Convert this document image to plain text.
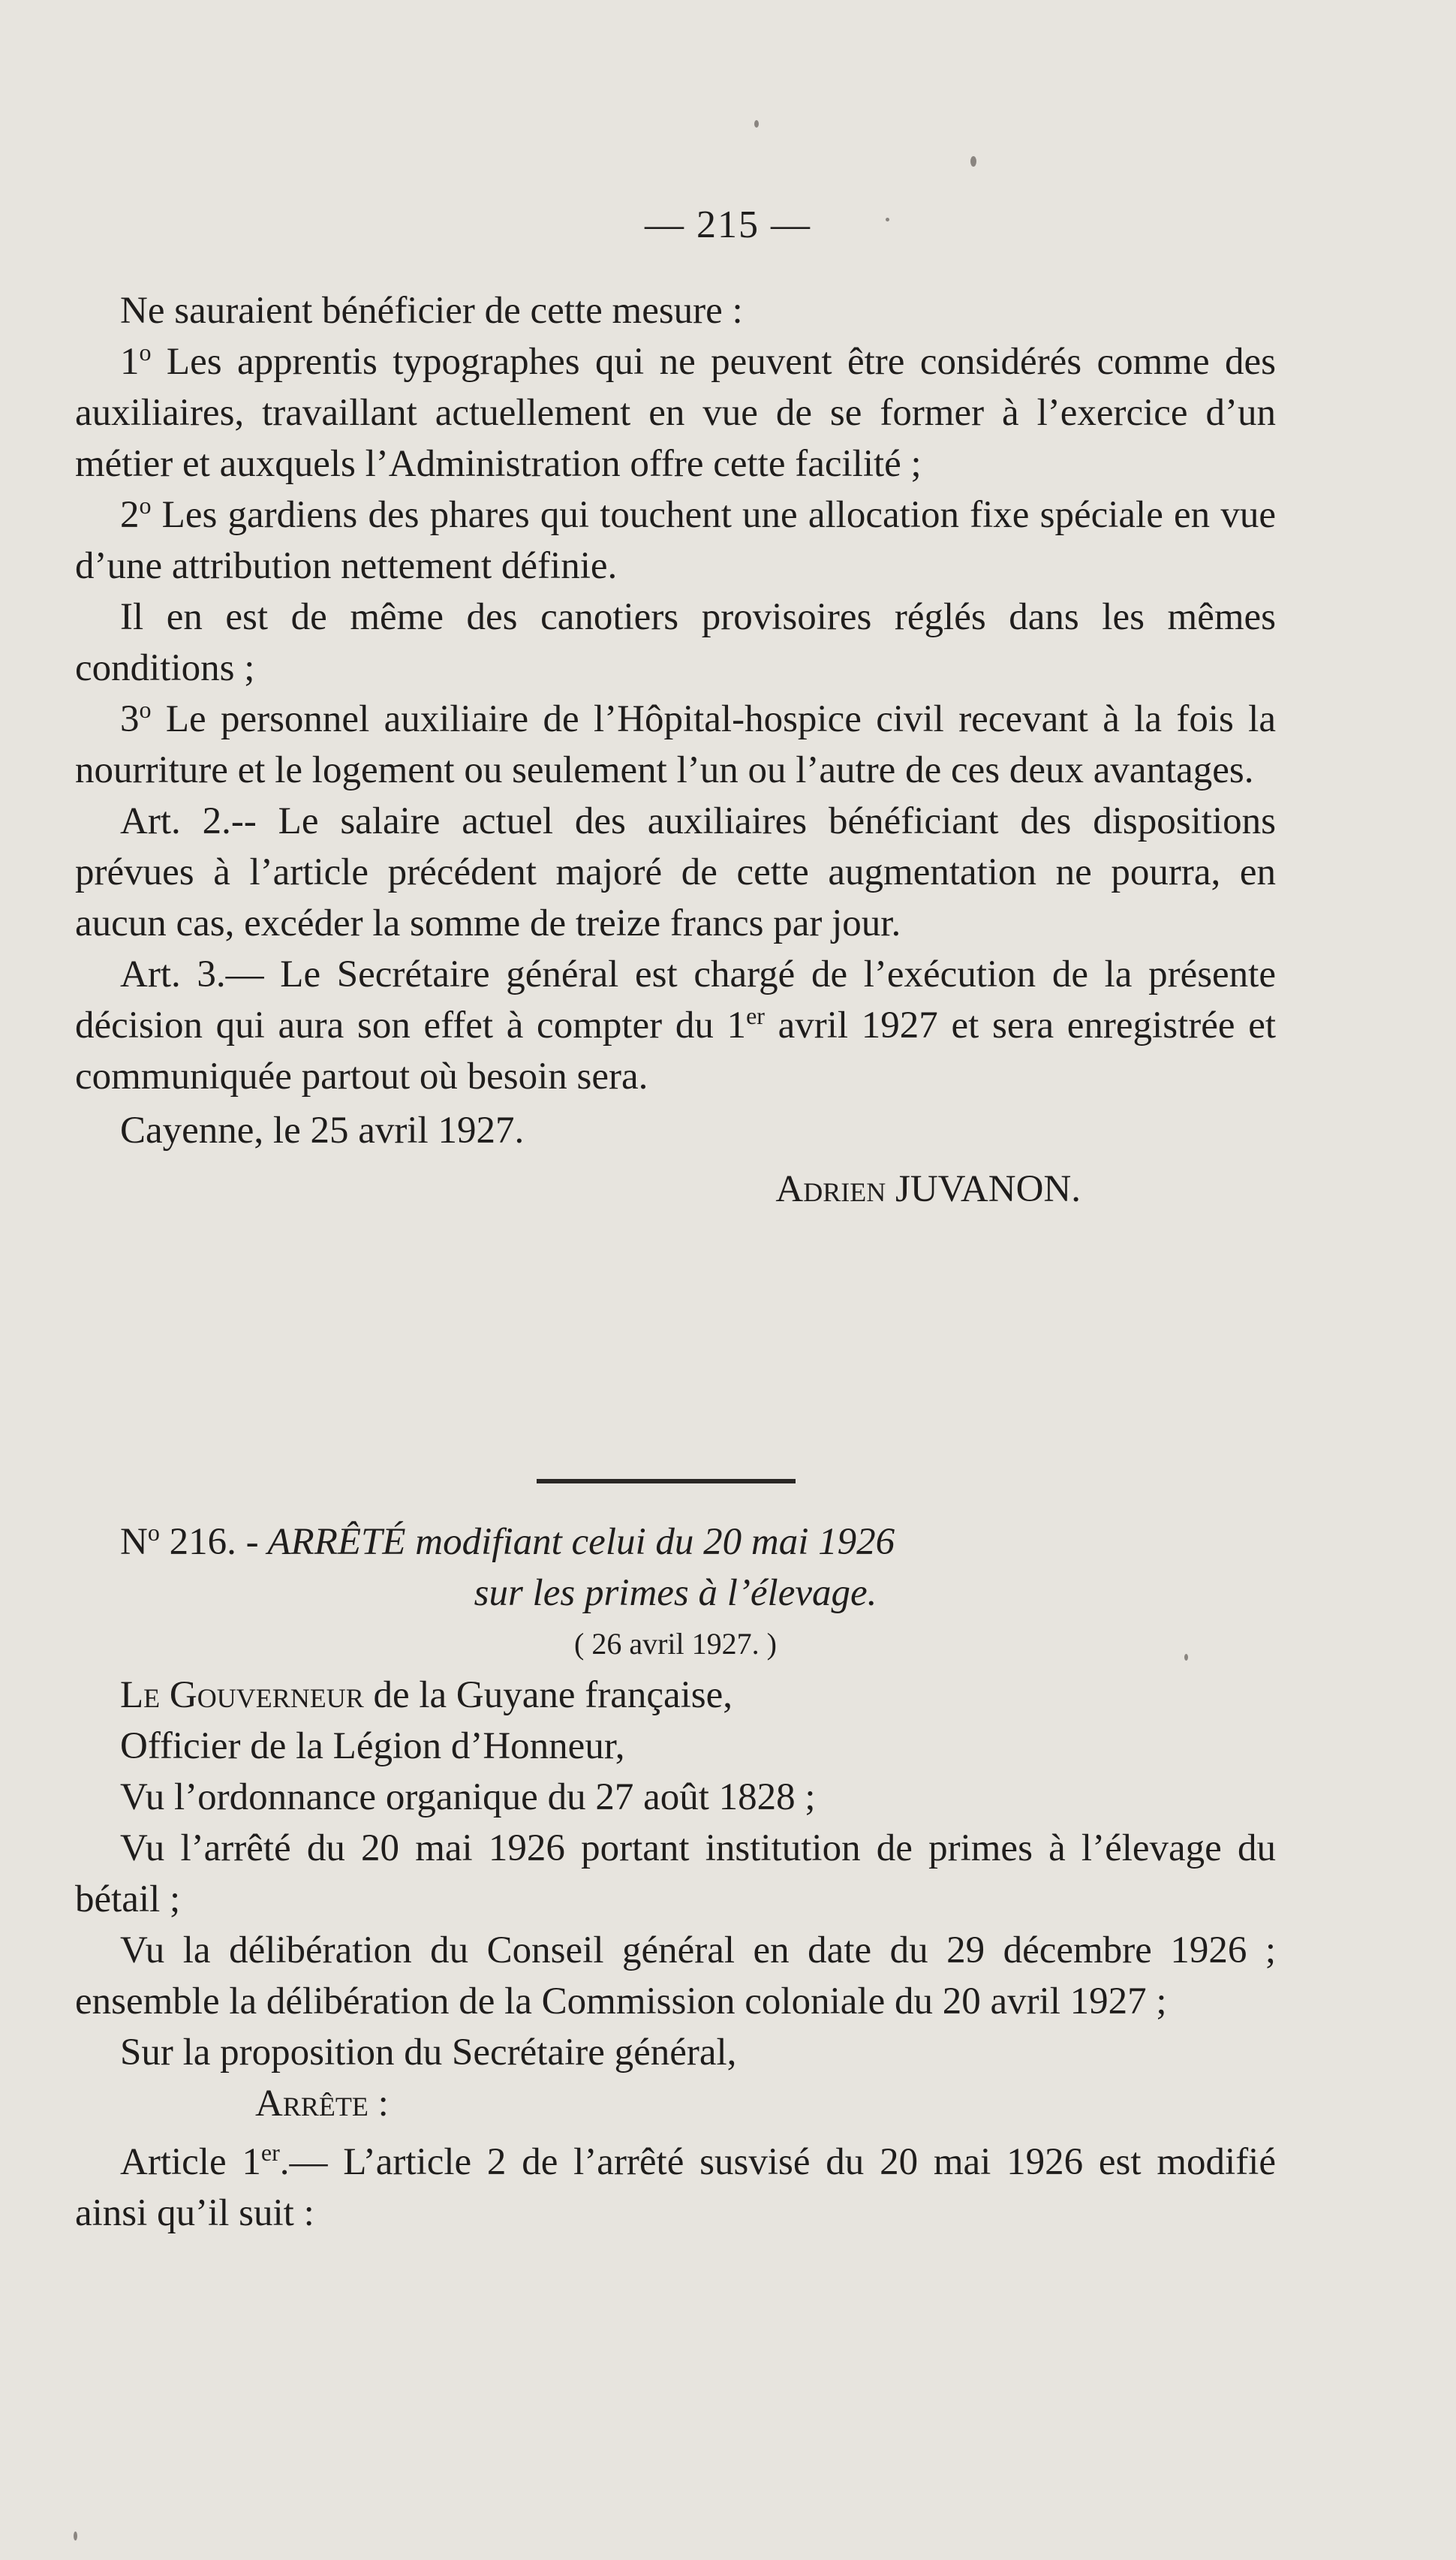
— 215 —
Ne sauraient bénéficier de cette mesure :
1$^o$ Les apprentis typographes qui ne peuvent être considérés comme des auxiliaires, travaillant actuellement en vue de se former à l’exercice d’un métier et auxquels l’Administration offre cette facilité ;
2$^o$ Les gardiens des phares qui touchent une allocation fixe spéciale en vue d’une attribution nettement définie.
Il en est de même des canotiers provisoires réglés dans les mêmes conditions ;
3$^o$ Le personnel auxiliaire de l’Hôpital-hospice civil recevant à la fois la nourriture et le logement ou seulement l’un ou l’autre de ces deux avantages.
Art. 2.-- Le salaire actuel des auxiliaires bénéficiant des dispositions prévues à l’article précédent majoré de cette augmentation ne pourra, en aucun cas, excéder la somme de treize francs par jour.
Art. 3.— Le Secrétaire général est chargé de l’exécution de la présente décision qui aura son effet à compter du 1er avril 1927 et sera enregistrée et communiquée partout où besoin sera.
Cayenne, le 25 avril 1927.
Adrien JUVANON.
$N^o$ 216. - ARRÊTÉ modifiant celui du 20 mai 1926
sur les primes à l’élevage.
( 26 avril 1927. )
Le Gouverneur de la Guyane française,
Officier de la Légion d’Honneur,
Vu l’ordonnance organique du 27 août 1828 ;
Vu l’arrêté du 20 mai 1926 portant institution de primes à l’élevage du bétail ;
Vu la délibération du Conseil général en date du 29 décembre 1926 ; ensemble la délibération de la Commission coloniale du 20 avril 1927 ;
Sur la proposition du Secrétaire général,
Arrête :
Article 1er.— L’article 2 de l’arrêté susvisé du 20 mai 1926 est modifié ainsi qu’il suit :
